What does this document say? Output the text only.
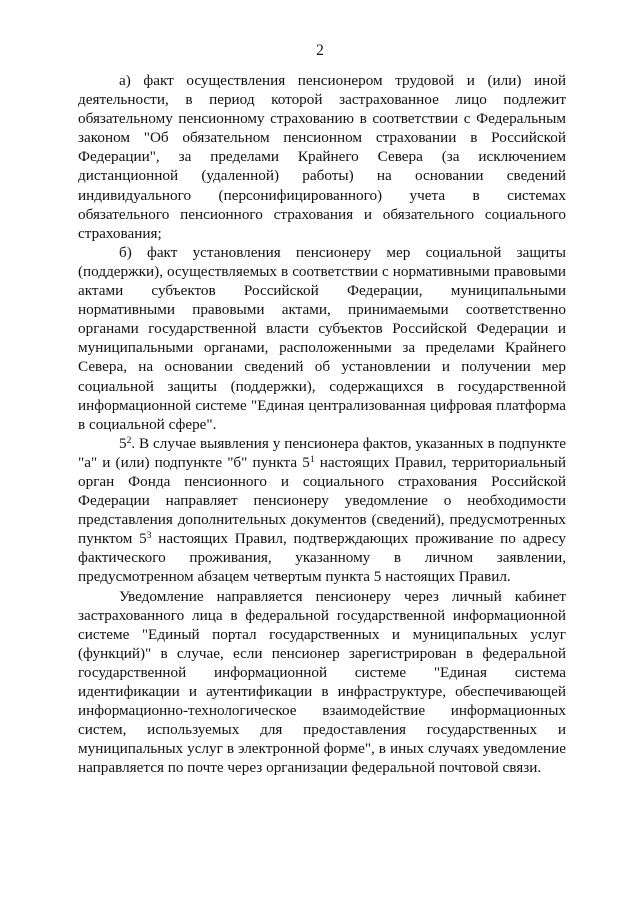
2

а) факт осуществления пенсионером трудовой и (или) иной деятельности, в период которой застрахованное лицо подлежит обязательному пенсионному страхованию в соответствии с Федеральным законом "Об обязательном пенсионном страховании в Российской Федерации", за пределами Крайнего Севера (за исключением дистанционной (удаленной) работы) на основании сведений индивидуального (персонифицированного) учета в системах обязательного пенсионного страхования и обязательного социального страхования;

б) факт установления пенсионеру мер социальной защиты (поддержки), осуществляемых в соответствии с нормативными правовыми актами субъектов Российской Федерации, муниципальными нормативными правовыми актами, принимаемыми соответственно органами государственной власти субъектов Российской Федерации и муниципальными органами, расположенными за пределами Крайнего Севера, на основании сведений об установлении и получении мер социальной защиты (поддержки), содержащихся в государственной информационной системе "Единая централизованная цифровая платформа в социальной сфере".

$5^2$. В случае выявления у пенсионера фактов, указанных в подпункте "а" и (или) подпункте "б" пункта $5^1$ настоящих Правил, территориальный орган Фонда пенсионного и социального страхования Российской Федерации направляет пенсионеру уведомление о необходимости представления дополнительных документов (сведений), предусмотренных пунктом $5^3$ настоящих Правил, подтверждающих проживание по адресу фактического проживания, указанному в личном заявлении, предусмотренном абзацем четвертым пункта 5 настоящих Правил.

Уведомление направляется пенсионеру через личный кабинет застрахованного лица в федеральной государственной информационной системе "Единый портал государственных и муниципальных услуг (функций)" в случае, если пенсионер зарегистрирован в федеральной государственной информационной системе "Единая система идентификации и аутентификации в инфраструктуре, обеспечивающей информационно-технологическое взаимодействие информационных систем, используемых для предоставления государственных и муниципальных услуг в электронной форме", в иных случаях уведомление направляется по почте через организации федеральной почтовой связи.
